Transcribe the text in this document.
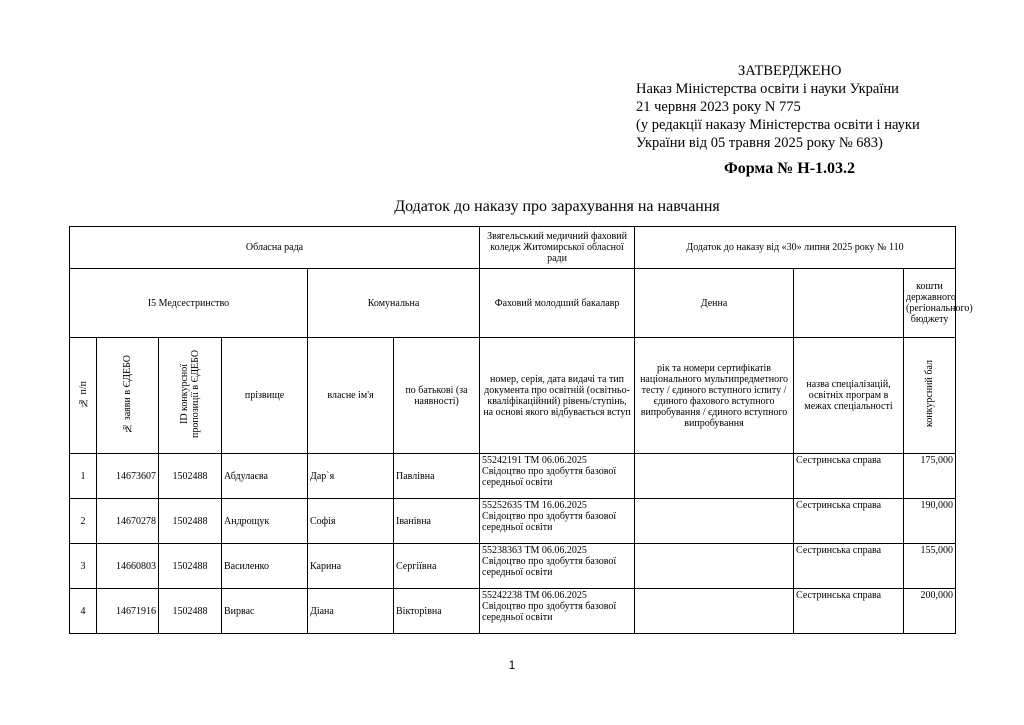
ЗАТВЕРДЖЕНО
Наказ Міністерства освіти і науки України
21 червня 2023 року N 775
(у редакції наказу Міністерства освіти і науки
України від 05 травня 2025 року № 683)
Форма № Н-1.03.2
Додаток до наказу про зарахування на навчання
Обласна рада						Звягельський медичний фаховий коледж Житомирської обласної ради	Додаток до наказу від «30» липня 2025 року № 110		
I5 Медсестринство				Комунальна		Фаховий молодший бакалавр	Денна		кошти державного (регіонального) бюджету
№ п/п	№ заяви в ЄДЕБО	ID конкурсної пропозиції в ЄДЕБО	прізвище	власне ім'я	по батькові (за наявності)	номер, серія, дата видачі та тип документа про освітній (освітньо-кваліфікаційний) рівень/ступінь, на основі якого відбувається вступ	рік та номери сертифікатів національного мультипредметного тесту / єдиного вступного іспиту / єдиного фахового вступного випробування / єдиного вступного випробування	назва спеціалізацій, освітніх програм в межах спеціальності	конкурсний бал
1	14673607	1502488	Абдулаєва	Дар`я	Павлівна	55242191 ТМ 06.06.2025 Свідоцтво про здобуття базової середньої освіти		Сестринська справа	175,000
2	14670278	1502488	Андрощук	Софія	Іванівна	55252635 ТМ 16.06.2025 Свідоцтво про здобуття базової середньої освіти		Сестринська справа	190,000
3	14660803	1502488	Василенко	Карина	Сергіївна	55238363 ТМ 06.06.2025 Свідоцтво про здобуття базової середньої освіти		Сестринська справа	155,000
4	14671916	1502488	Вирвас	Діана	Вікторівна	55242238 ТМ 06.06.2025 Свідоцтво про здобуття базової середньої освіти		Сестринська справа	200,000
1
